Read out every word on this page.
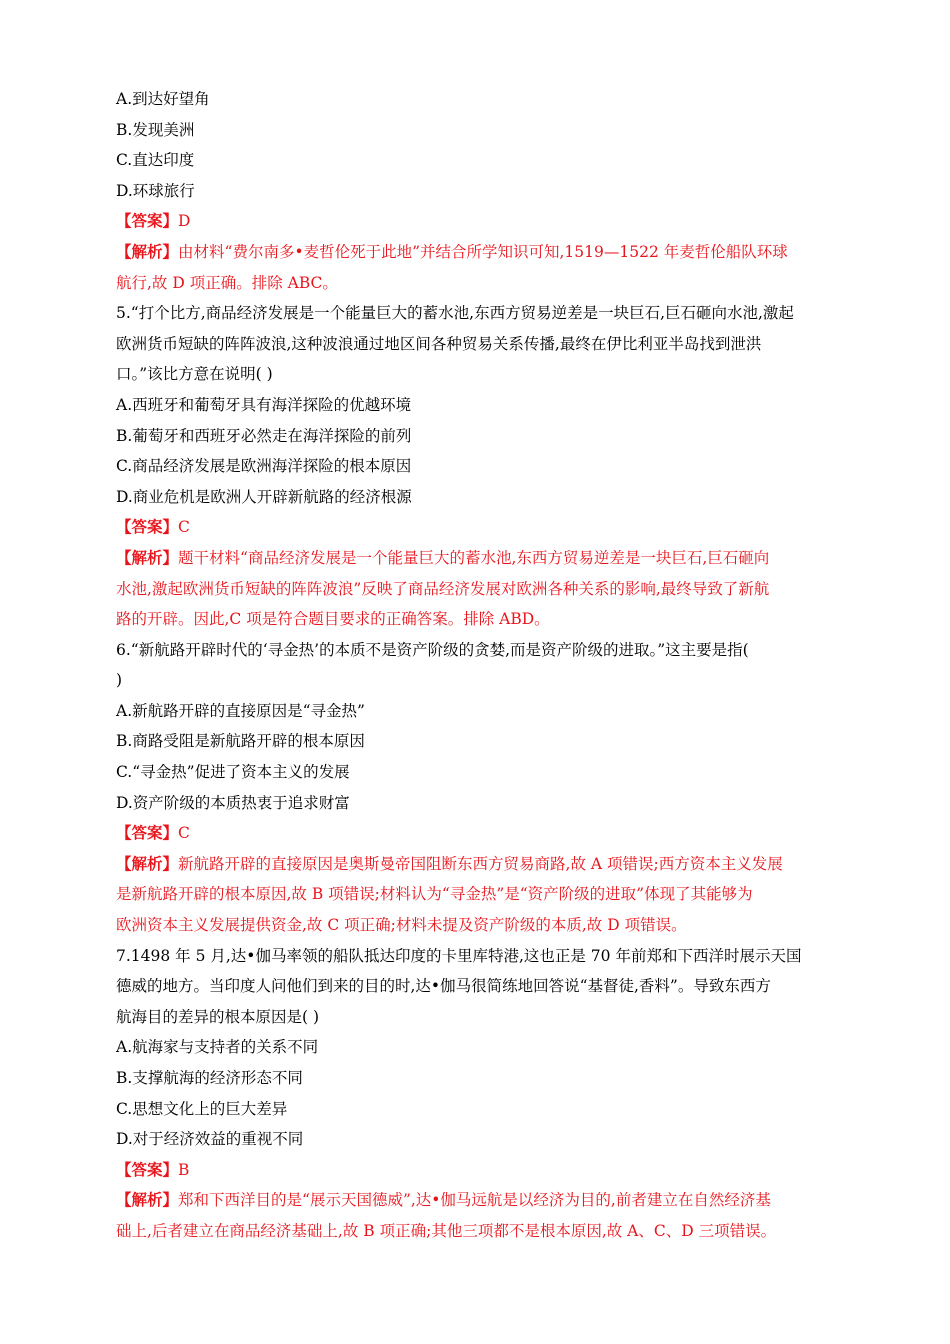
A.到达好望角
B.发现美洲
C.直达印度
D.环球旅行
【答案】D
【解析】由材料“费尔南多•麦哲伦死于此地”并结合所学知识可知,1519—1522 年麦哲伦船队环球
航行,故 D 项正确。排除 ABC。
5.“打个比方,商品经济发展是一个能量巨大的蓄水池,东西方贸易逆差是一块巨石,巨石砸向水池,激起
欧洲货币短缺的阵阵波浪,这种波浪通过地区间各种贸易关系传播,最终在伊比利亚半岛找到泄洪
口。”该比方意在说明( )
A.西班牙和葡萄牙具有海洋探险的优越环境
B.葡萄牙和西班牙必然走在海洋探险的前列
C.商品经济发展是欧洲海洋探险的根本原因
D.商业危机是欧洲人开辟新航路的经济根源
【答案】C
【解析】题干材料“商品经济发展是一个能量巨大的蓄水池,东西方贸易逆差是一块巨石,巨石砸向
水池,激起欧洲货币短缺的阵阵波浪”反映了商品经济发展对欧洲各种关系的影响,最终导致了新航
路的开辟。因此,C 项是符合题目要求的正确答案。排除 ABD。
6.“新航路开辟时代的‘寻金热’的本质不是资产阶级的贪婪,而是资产阶级的进取。”这主要是指(
)
A.新航路开辟的直接原因是“寻金热”
B.商路受阻是新航路开辟的根本原因
C.“寻金热”促进了资本主义的发展
D.资产阶级的本质热衷于追求财富
【答案】C
【解析】新航路开辟的直接原因是奥斯曼帝国阻断东西方贸易商路,故 A 项错误;西方资本主义发展
是新航路开辟的根本原因,故 B 项错误;材料认为“寻金热”是“资产阶级的进取”体现了其能够为
欧洲资本主义发展提供资金,故 C 项正确;材料未提及资产阶级的本质,故 D 项错误。
7.1498 年 5 月,达•伽马率领的船队抵达印度的卡里库特港,这也正是 70 年前郑和下西洋时展示天国
德威的地方。当印度人问他们到来的目的时,达•伽马很简练地回答说“基督徒,香料”。导致东西方
航海目的差异的根本原因是( )
A.航海家与支持者的关系不同
B.支撑航海的经济形态不同
C.思想文化上的巨大差异
D.对于经济效益的重视不同
【答案】B
【解析】郑和下西洋目的是“展示天国德威”,达•伽马远航是以经济为目的,前者建立在自然经济基
础上,后者建立在商品经济基础上,故 B 项正确;其他三项都不是根本原因,故 A、C、D 三项错误。
